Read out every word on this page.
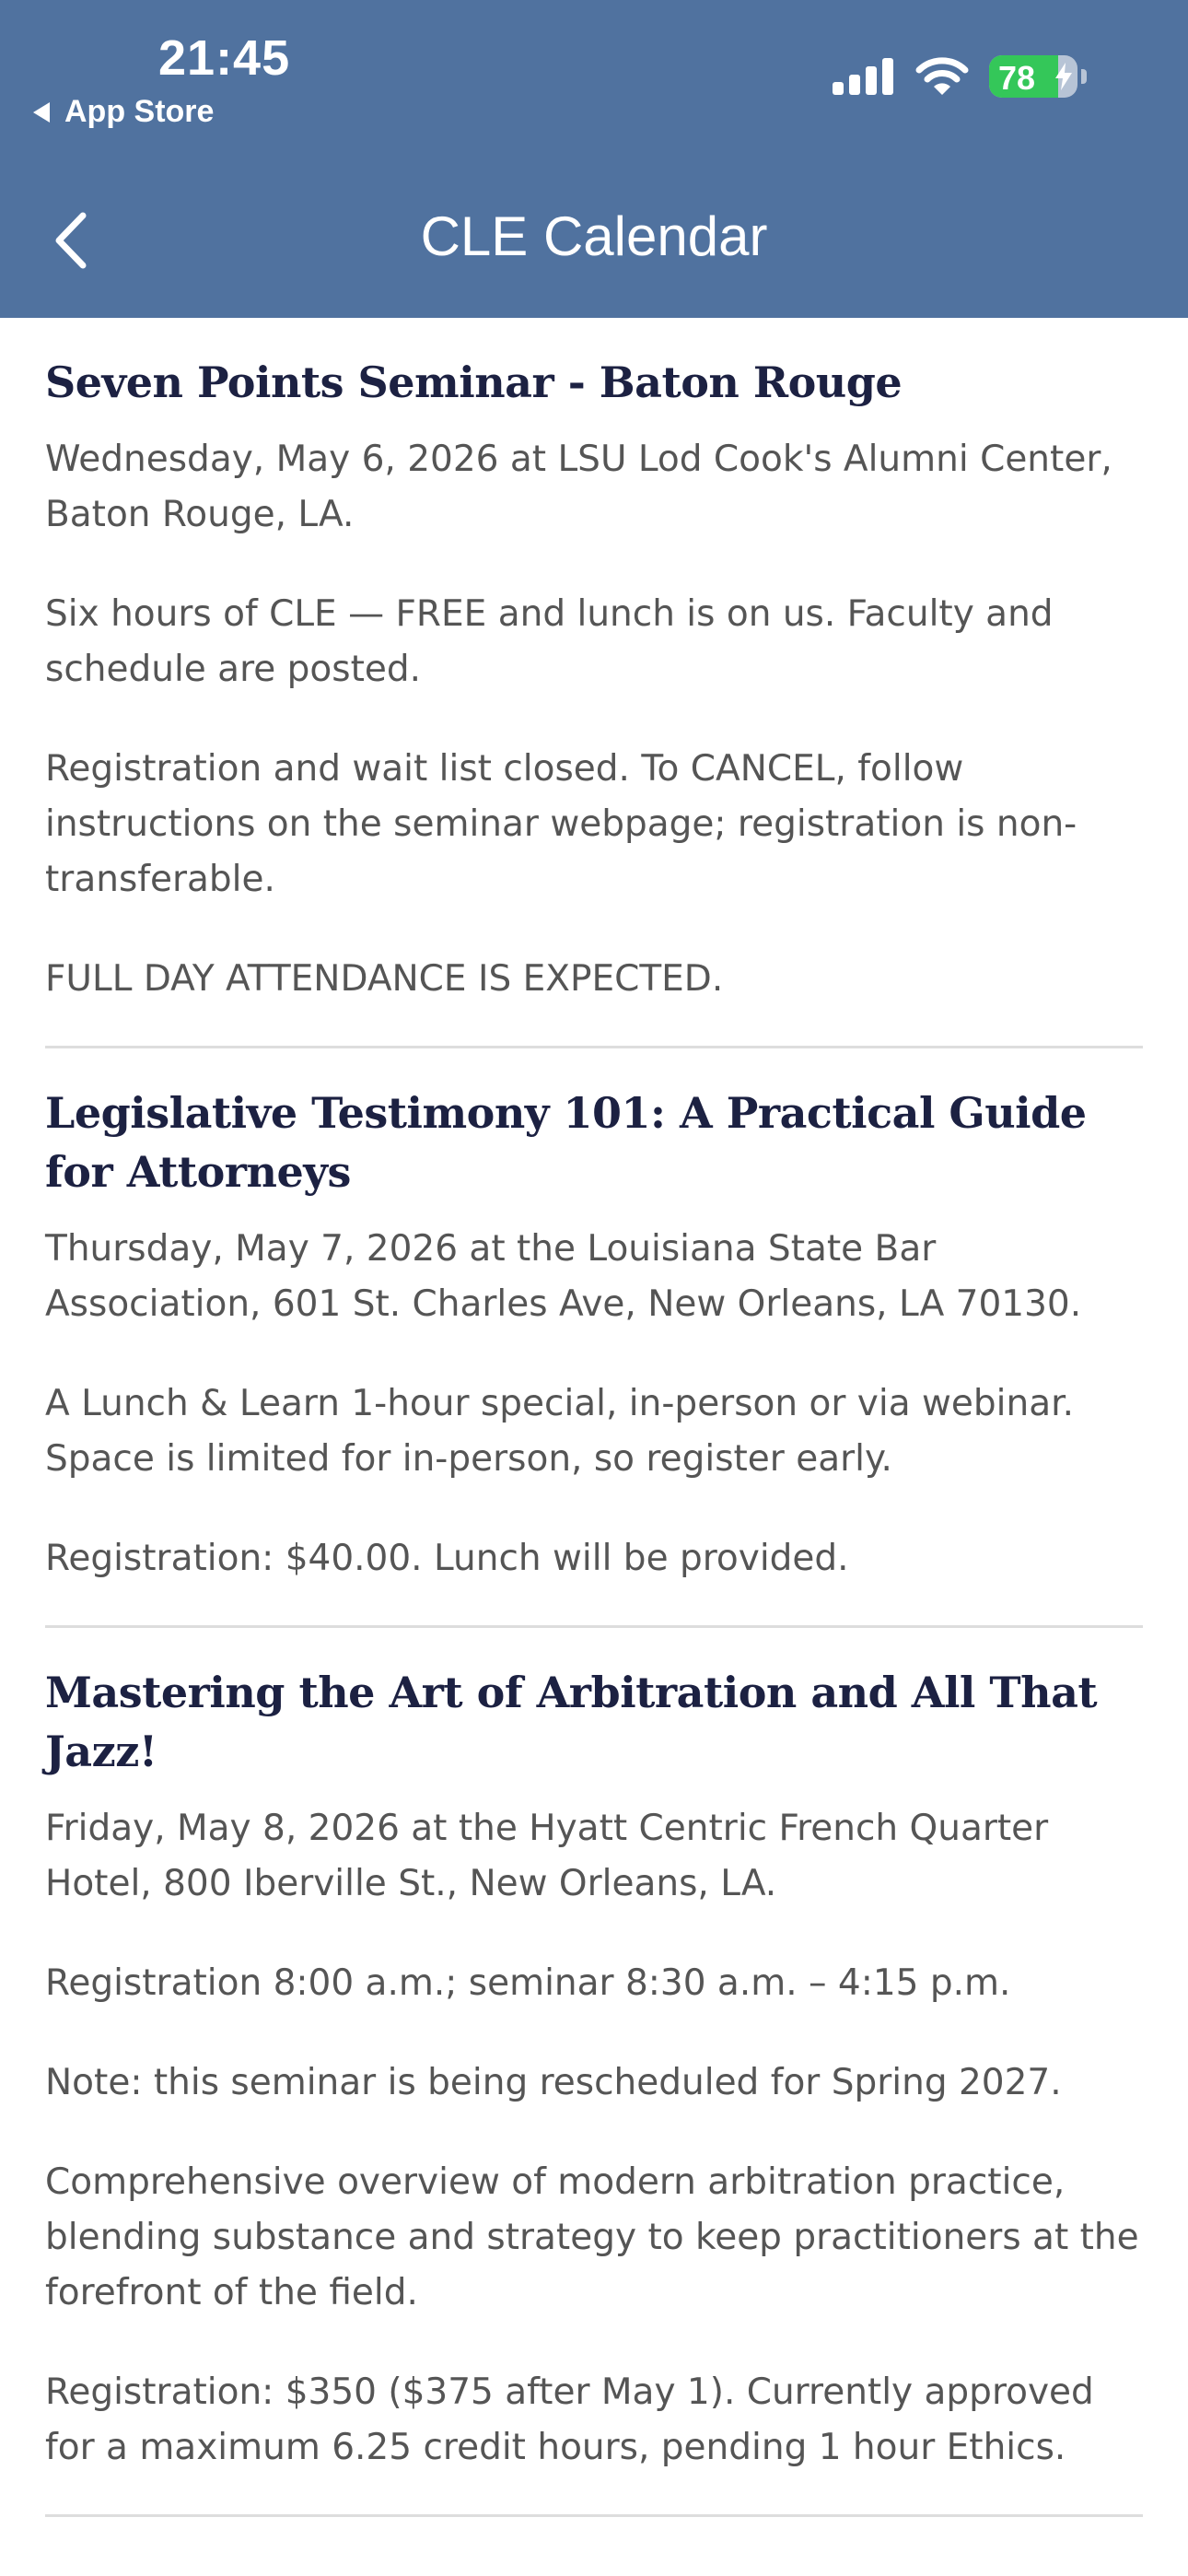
21:45
App Store
78
CLE Calendar
Seven Points Seminar - Baton Rouge

Wednesday, May 6, 2026 at LSU Lod Cook's Alumni Center, Baton Rouge, LA.

Six hours of CLE — FREE and lunch is on us. Faculty and schedule are posted.

Registration and wait list closed. To CANCEL, follow instructions on the seminar webpage; registration is non-transferable.

FULL DAY ATTENDANCE IS EXPECTED.

Legislative Testimony 101: A Practical Guide for Attorneys

Thursday, May 7, 2026 at the Louisiana State Bar Association, 601 St. Charles Ave, New Orleans, LA 70130.

A Lunch & Learn 1-hour special, in-person or via webinar. Space is limited for in-person, so register early.

Registration: $40.00. Lunch will be provided.

Mastering the Art of Arbitration and All That Jazz!

Friday, May 8, 2026 at the Hyatt Centric French Quarter Hotel, 800 Iberville St., New Orleans, LA.

Registration 8:00 a.m.; seminar 8:30 a.m. – 4:15 p.m.

Note: this seminar is being rescheduled for Spring 2027.

Comprehensive overview of modern arbitration practice, blending substance and strategy to keep practitioners at the forefront of the field.

Registration: $350 ($375 after May 1). Currently approved for a maximum 6.25 credit hours, pending 1 hour Ethics.
